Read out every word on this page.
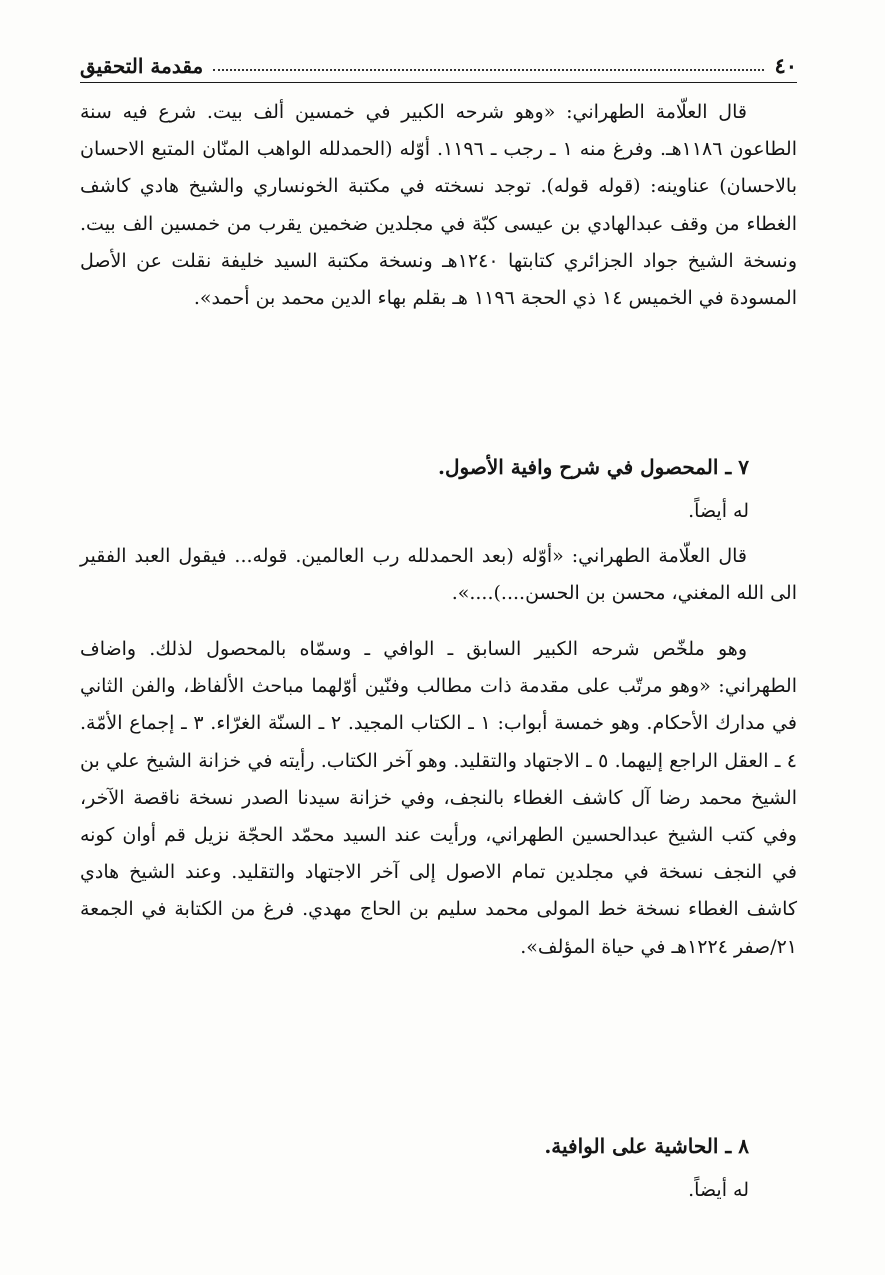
٤٠
مقدمة التحقيق

قال العلّامة الطهراني: «وهو شرحه الكبير في خمسين ألف بيت. شرع فيه سنة الطاعون ١١٨٦هـ. وفرغ منه ١ ـ رجب ـ ١١٩٦. أوّله (الحمدلله الواهب المنّان المتبع الاحسان بالاحسان) عناوينه: (قوله قوله). توجد نسخته في مكتبة الخونساري والشيخ هادي كاشف الغطاء من وقف عبدالهادي بن عيسى كبّة في مجلدين ضخمين يقرب من خمسين الف بيت. ونسخة الشيخ جواد الجزائري كتابتها ١٢٤٠هـ ونسخة مكتبة السيد خليفة نقلت عن الأصل المسودة في الخميس ١٤ ذي الحجة ١١٩٦ هـ بقلم بهاء الدين محمد بن أحمد».

٧ ـ المحصول في شرح وافية الأصول.

له أيضاً.

قال العلّامة الطهراني: «أوّله (بعد الحمدلله رب العالمين. قوله... فيقول العبد الفقير الى الله المغني، محسن بن الحسن....)....».

وهو ملخّص شرحه الكبير السابق ـ الوافي ـ وسمّاه بالمحصول لذلك. واضاف الطهراني: «وهو مرتّب على مقدمة ذات مطالب وفنّين أوّلهما مباحث الألفاظ، والفن الثاني في مدارك الأحكام. وهو خمسة أبواب: ١ ـ الكتاب المجيد. ٢ ـ السنّة الغرّاء. ٣ ـ إجماع الأمّة. ٤ ـ العقل الراجع إليهما. ٥ ـ الاجتهاد والتقليد. وهو آخر الكتاب. رأيته في خزانة الشيخ علي بن الشيخ محمد رضا آل كاشف الغطاء بالنجف، وفي خزانة سيدنا الصدر نسخة ناقصة الآخر، وفي كتب الشيخ عبدالحسين الطهراني، ورأيت عند السيد محمّد الحجّة نزيل قم أوان كونه في النجف نسخة في مجلدين تمام الاصول إلى آخر الاجتهاد والتقليد. وعند الشيخ هادي كاشف الغطاء نسخة خط المولى محمد سليم بن الحاج مهدي. فرغ من الكتابة في الجمعة ٢١/صفر ١٢٢٤هـ في حياة المؤلف».

٨ ـ الحاشية على الوافية.

له أيضاً.
